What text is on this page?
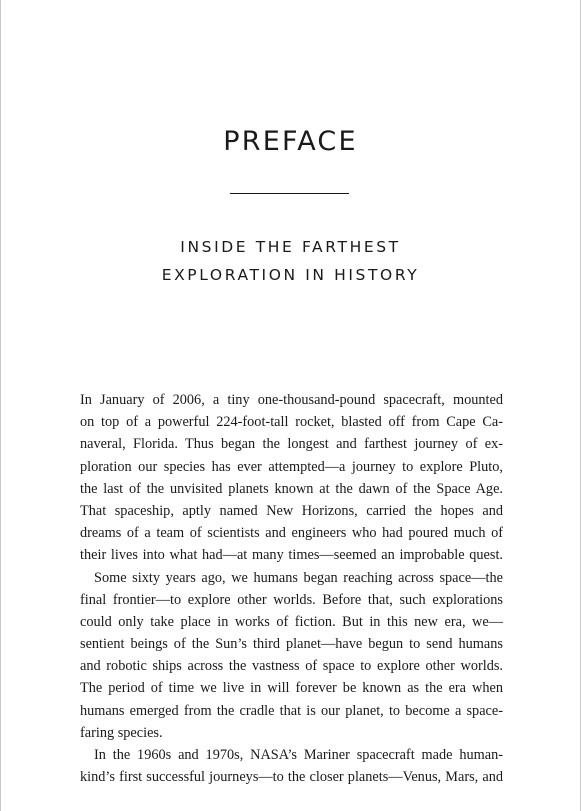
PREFACE
INSIDE THE FARTHEST
EXPLORATION IN HISTORY
In January of 2006, a tiny one-thousand-pound spacecraft, mounted
on top of a powerful 224-foot-tall rocket, blasted off from Cape Ca-
naveral, Florida. Thus began the longest and farthest journey of ex-
ploration our species has ever attempted—a journey to explore Pluto,
the last of the unvisited planets known at the dawn of the Space Age.
That spaceship, aptly named New Horizons, carried the hopes and
dreams of a team of scientists and engineers who had poured much of
their lives into what had—at many times—seemed an improbable quest.
Some sixty years ago, we humans began reaching across space—the
final frontier—to explore other worlds. Before that, such explorations
could only take place in works of fiction. But in this new era, we—
sentient beings of the Sun’s third planet—have begun to send humans
and robotic ships across the vastness of space to explore other worlds.
The period of time we live in will forever be known as the era when
humans emerged from the cradle that is our planet, to become a space-
faring species.
In the 1960s and 1970s, NASA’s Mariner spacecraft made human-
kind’s first successful journeys—to the closer planets—Venus, Mars, and
